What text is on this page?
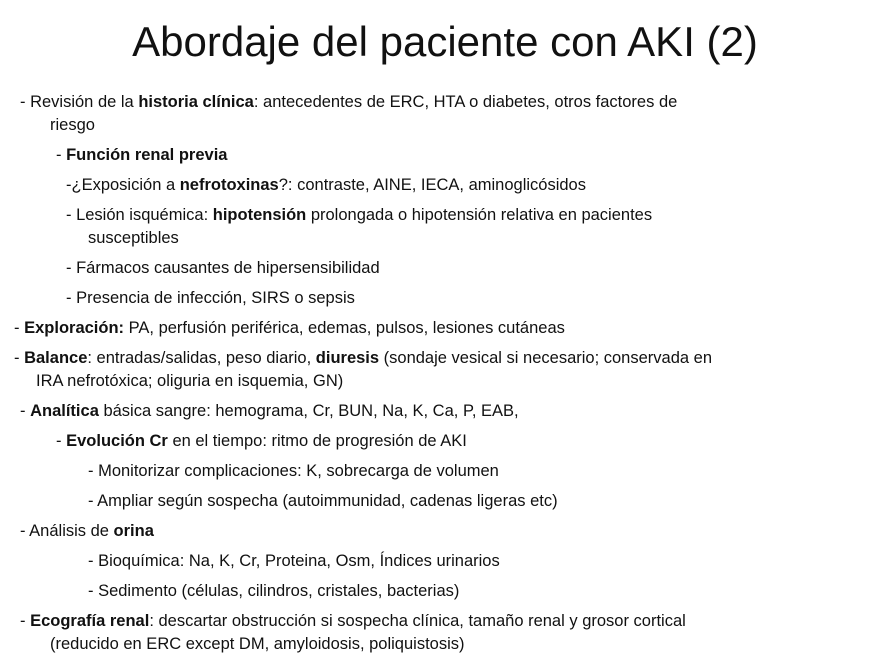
Abordaje del paciente con AKI (2)
- Revisión de la historia clínica: antecedentes de ERC, HTA o diabetes, otros factores de
riesgo
- Función renal previa
-¿Exposición a nefrotoxinas?: contraste, AINE, IECA, aminoglicósidos
- Lesión isquémica: hipotensión prolongada o hipotensión relativa en pacientes
susceptibles
- Fármacos causantes de hipersensibilidad
- Presencia de infección, SIRS o sepsis
- Exploración: PA, perfusión periférica, edemas, pulsos, lesiones cutáneas
- Balance: entradas/salidas, peso diario, diuresis (sondaje vesical si necesario; conservada en
IRA nefrotóxica; oliguria en isquemia, GN)
- Analítica básica sangre: hemograma, Cr, BUN, Na, K, Ca, P, EAB,
- Evolución Cr en el tiempo: ritmo de progresión de AKI
- Monitorizar complicaciones: K, sobrecarga de volumen
- Ampliar según sospecha (autoimmunidad, cadenas ligeras etc)
- Análisis de orina
- Bioquímica: Na, K, Cr, Proteina, Osm, Índices urinarios
- Sedimento (células, cilindros, cristales, bacterias)
- Ecografía renal: descartar obstrucción si sospecha clínica, tamaño renal y grosor cortical
(reducido en ERC except DM, amyloidosis, poliquistosis)
